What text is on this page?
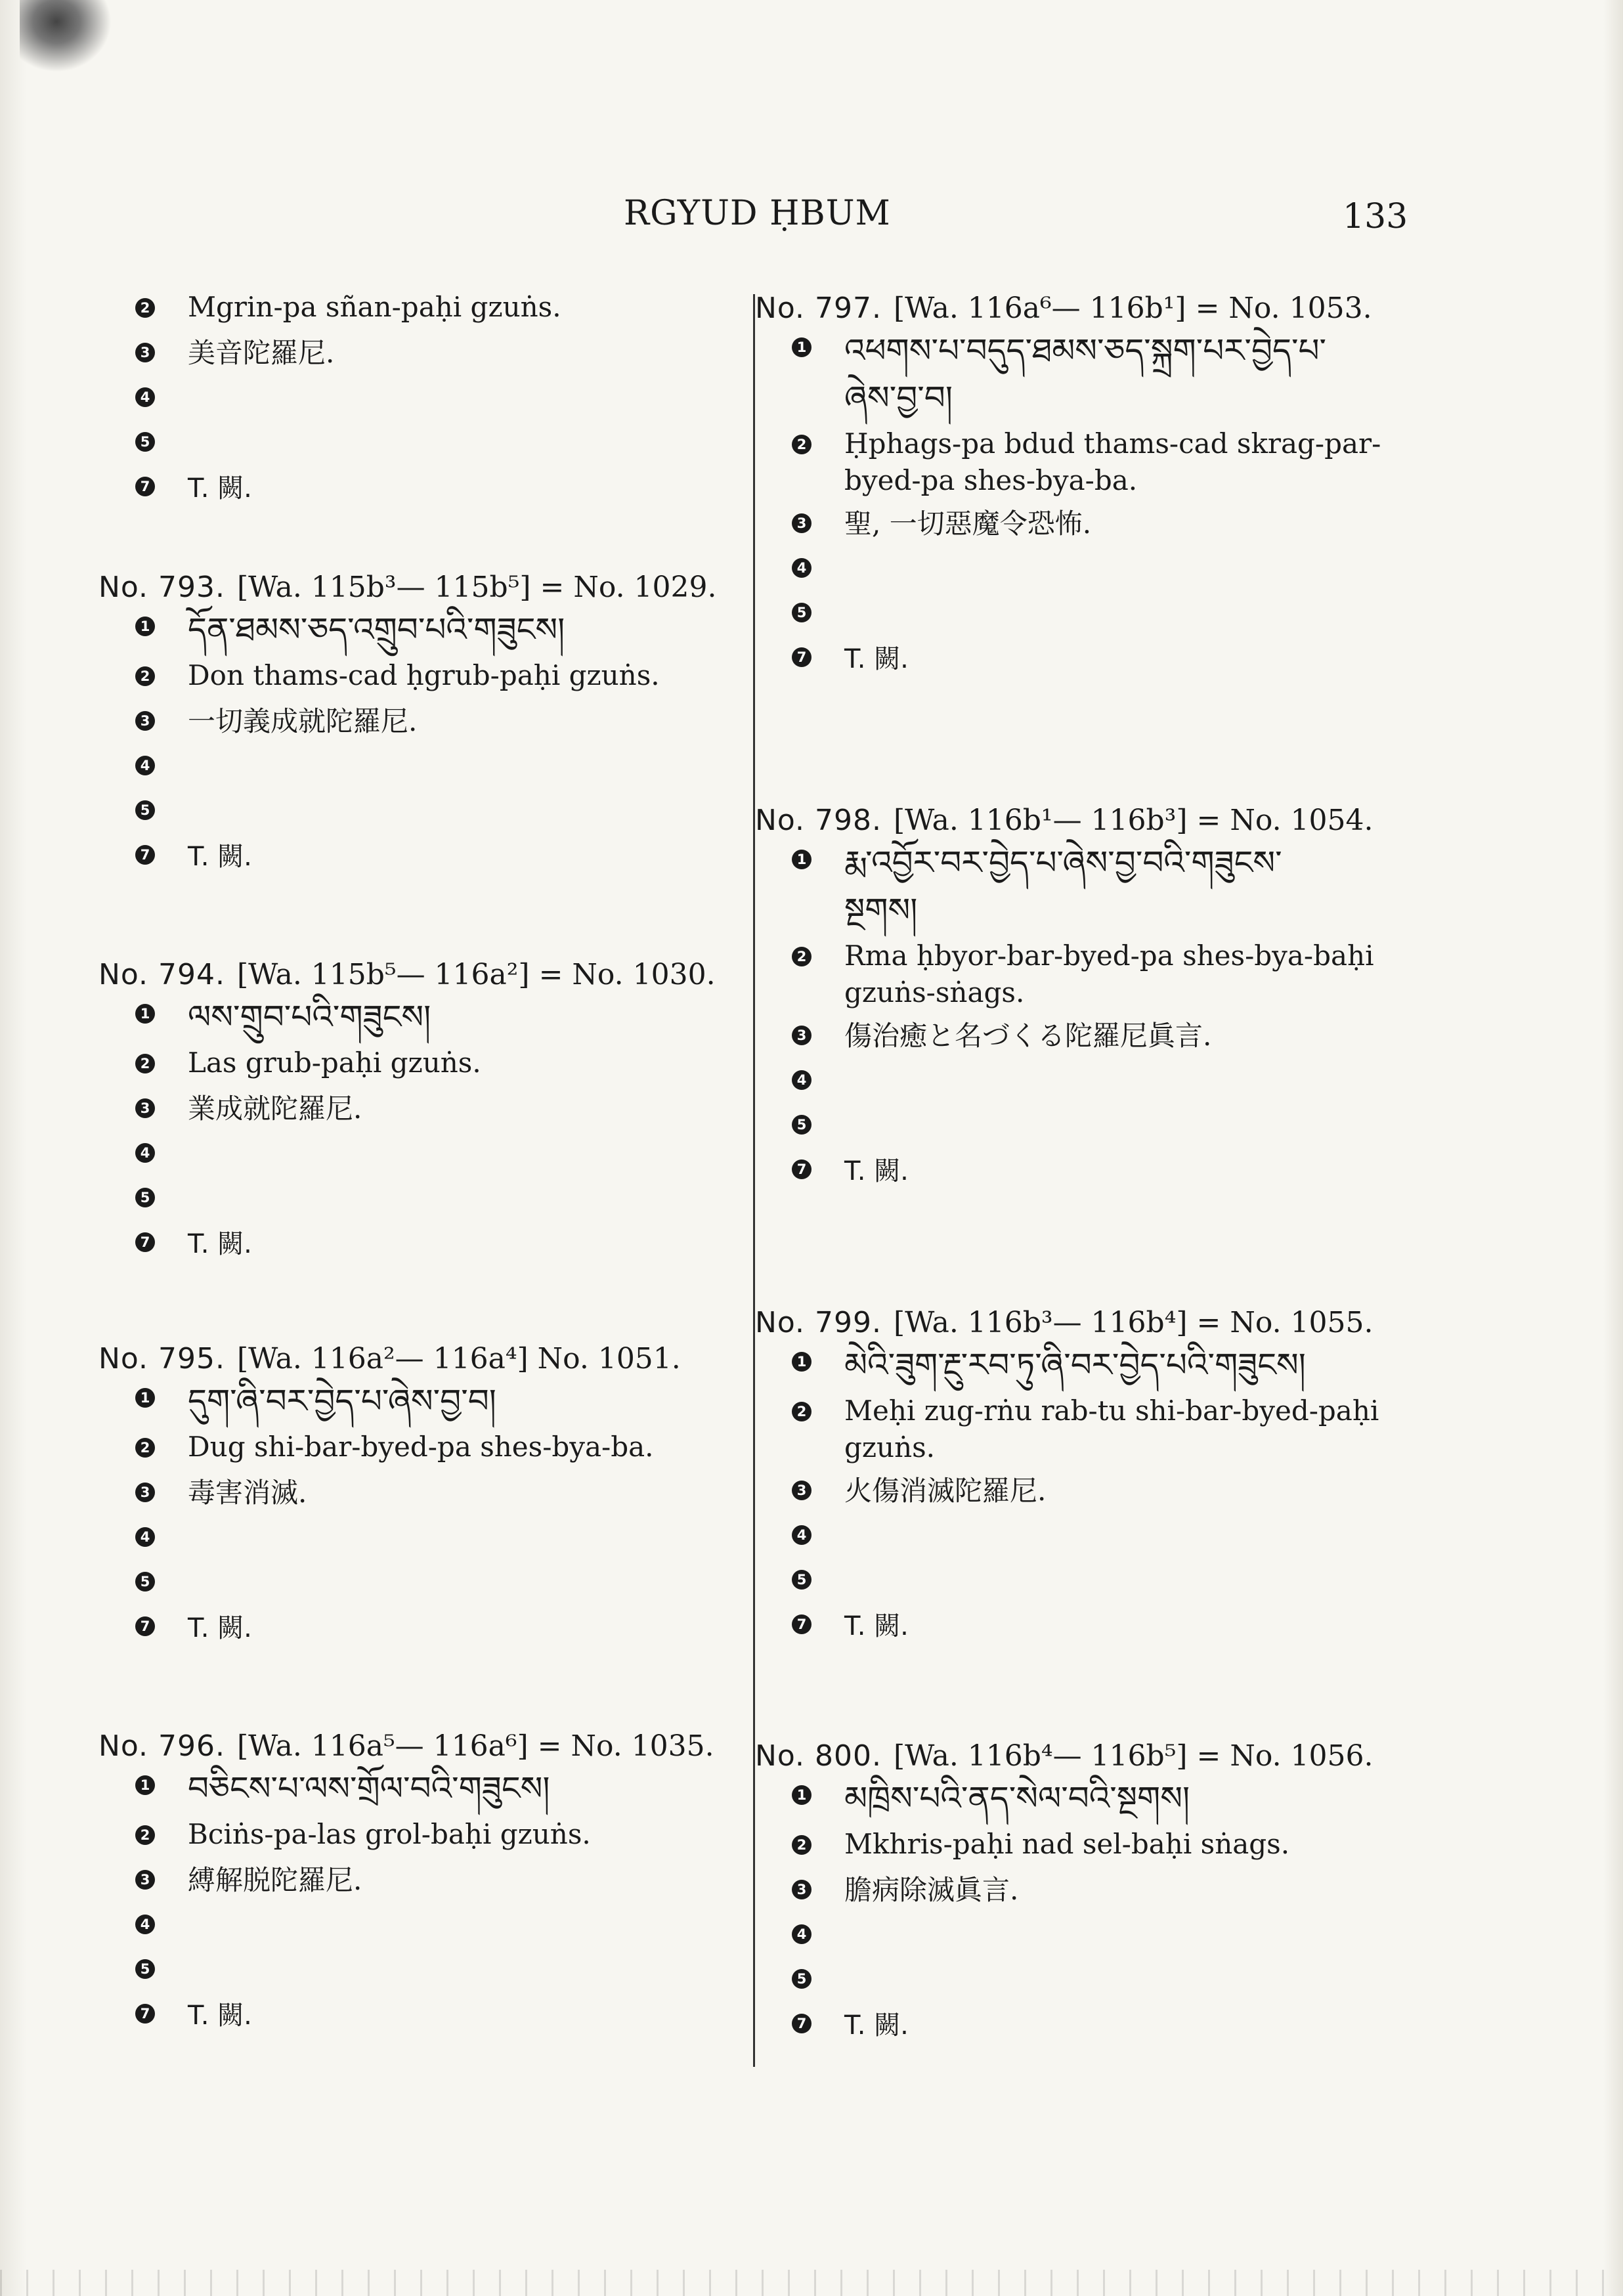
RGYUD ḤBUM	133
2 Mgrin-pa sñan-paḥi gzuṅs.
3 美音陀羅尼.
4
5
7 T. 闕.
No. 793. [Wa. 115b³— 115b⁵] = No. 1029.
1 དོན་ཐམས་ཅད་འགྲུབ་པའི་གཟུངས།
2 Don thams-cad ḥgrub-paḥi gzuṅs.
3 一切義成就陀羅尼.
4
5
7 T. 闕.
No. 794. [Wa. 115b⁵— 116a²] = No. 1030.
1 ལས་གྲུབ་པའི་གཟུངས།
2 Las grub-paḥi gzuṅs.
3 業成就陀羅尼.
4
5
7 T. 闕.
No. 795. [Wa. 116a²— 116a⁴] No. 1051.
1 དུག་ཞི་བར་བྱེད་པ་ཞེས་བྱ་བ།
2 Dug shi-bar-byed-pa shes-bya-ba.
3 毒害消滅.
4
5
7 T. 闕.
No. 796. [Wa. 116a⁵— 116a⁶] = No. 1035.
1 བཅིངས་པ་ལས་གྲོལ་བའི་གཟུངས།
2 Bciṅs-pa-las grol-baḥi gzuṅs.
3 縛解脱陀羅尼.
4
5
7 T. 闕.
No. 797. [Wa. 116a⁶— 116b¹] = No. 1053.
1 འཕགས་པ་བདུད་ཐམས་ཅད་སྐྲག་པར་བྱེད་པ་
ཞེས་བྱ་བ།
2 Ḥphags-pa bdud thams-cad skrag-par-
byed-pa shes-bya-ba.
3 聖, 一切惡魔令恐怖.
4
5
7 T. 闕.
No. 798. [Wa. 116b¹— 116b³] = No. 1054.
1 རྨ་འབྱོར་བར་བྱེད་པ་ཞེས་བྱ་བའི་གཟུངས་
སྔགས།
2 Rma ḥbyor-bar-byed-pa shes-bya-baḥi
gzuṅs-sṅags.
3 傷治癒と名づくる陀羅尼眞言.
4
5
7 T. 闕.
No. 799. [Wa. 116b³— 116b⁴] = No. 1055.
1 མེའི་ཟུག་རྔུ་རབ་ཏུ་ཞི་བར་བྱེད་པའི་གཟུངས།
2 Meḥi zug-rṅu rab-tu shi-bar-byed-paḥi
gzuṅs.
3 火傷消滅陀羅尼.
4
5
7 T. 闕.
No. 800. [Wa. 116b⁴— 116b⁵] = No. 1056.
1 མཁྲིས་པའི་ནད་སེལ་བའི་སྔགས།
2 Mkhris-paḥi nad sel-baḥi sṅags.
3 膽病除滅眞言.
4
5
7 T. 闕.
